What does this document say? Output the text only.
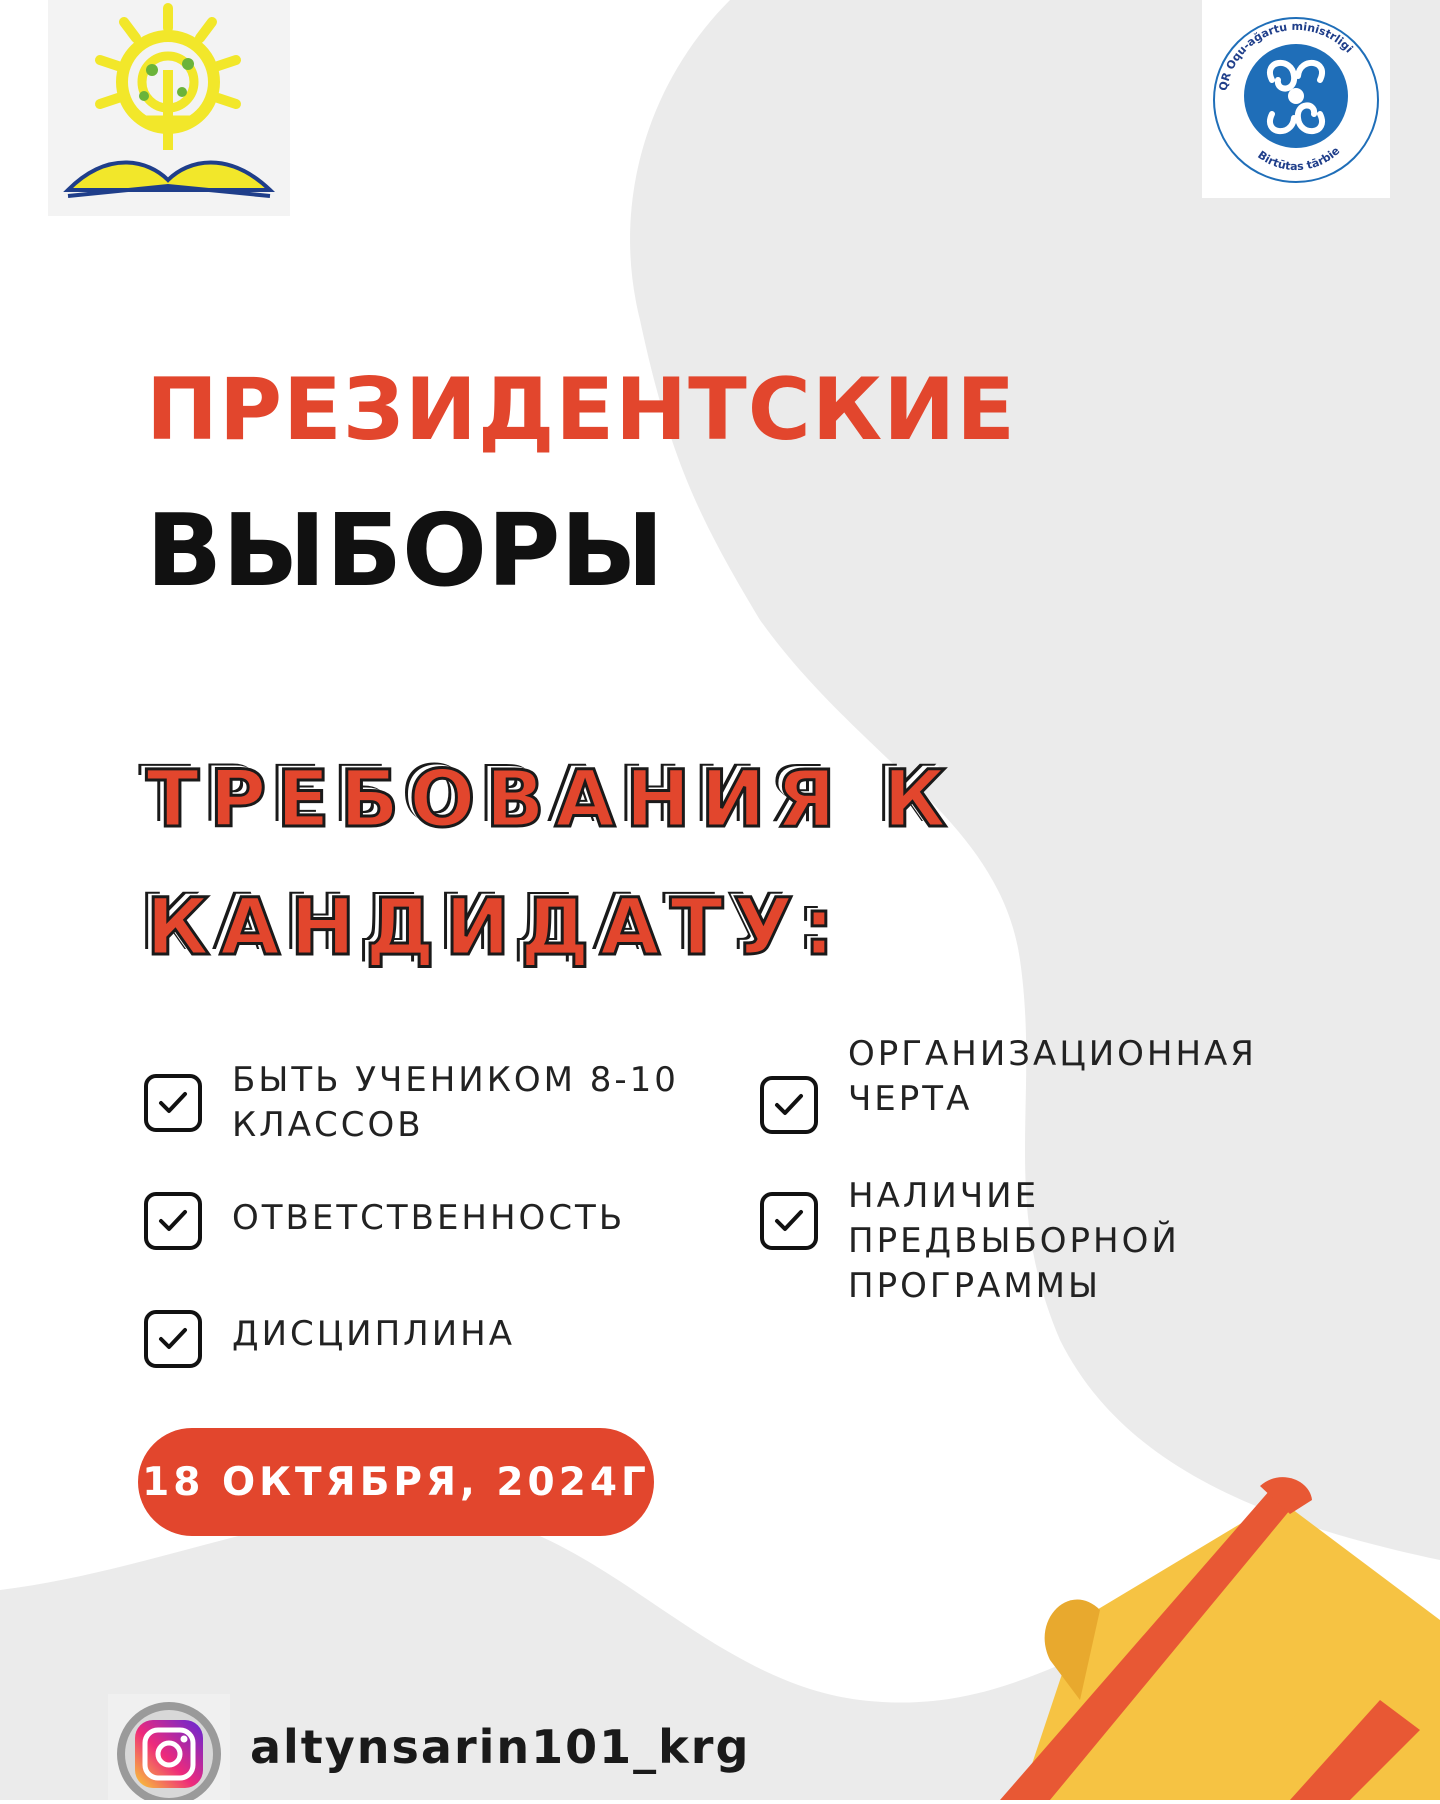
QR Oqu-ağartu ministrligi
Birtūtas tārbie
ПРЕЗИДЕНТСКИЕ
ВЫБОРЫ
ТРЕБОВАНИЯ К
КАНДИДАТУ:
БЫТЬ УЧЕНИКОМ 8-10
КЛАССОВ
ОТВЕТСТВЕННОСТЬ
ДИСЦИПЛИНА
ОРГАНИЗАЦИОННАЯ
ЧЕРТА
НАЛИЧИЕ
ПРЕДВЫБОРНОЙ
ПРОГРАММЫ
18 ОКТЯБРЯ, 2024Г
altynsarin101_krg
